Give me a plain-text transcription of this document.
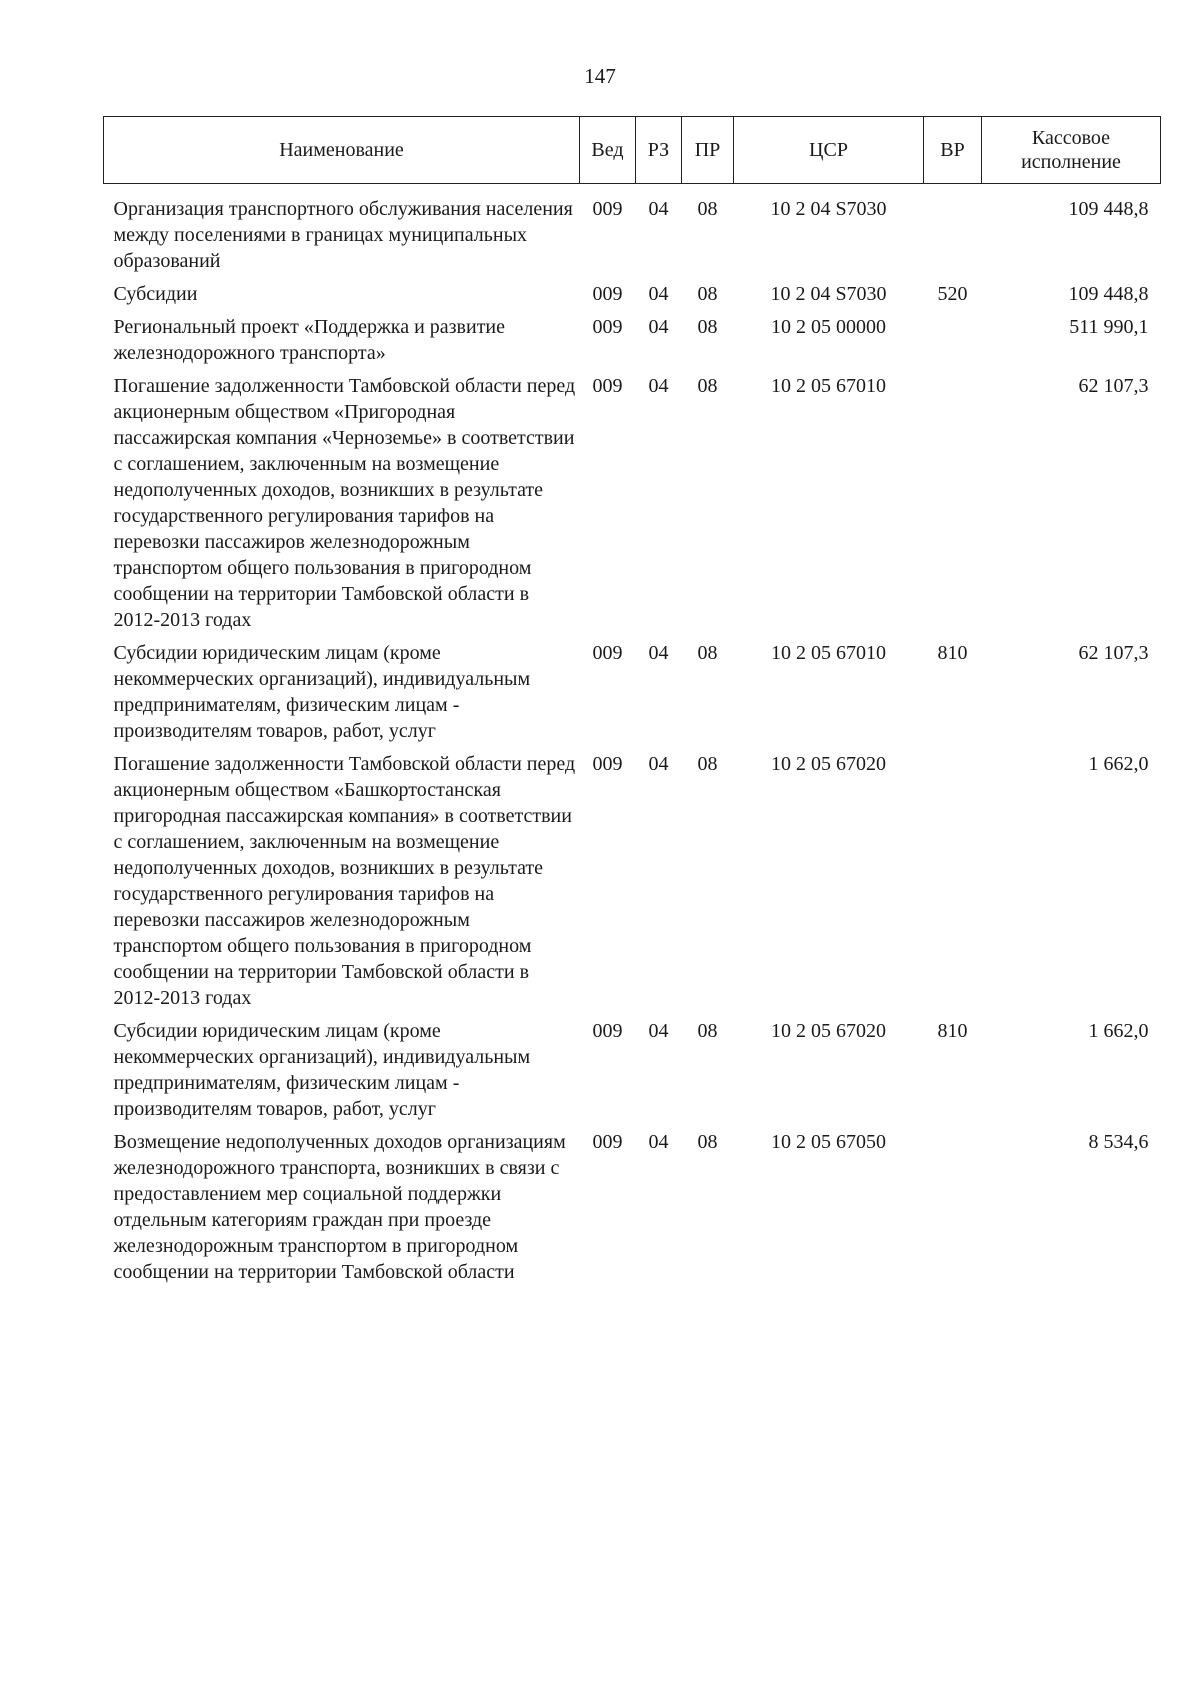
147
Наименование	Вед	РЗ	ПР	ЦСР	ВР	Кассовое исполнение
Организация транспортного обслуживания населения между поселениями в границах муниципальных образований	009	04	08	10 2 04 S7030		109 448,8
Субсидии	009	04	08	10 2 04 S7030	520	109 448,8
Региональный проект «Поддержка и развитие железнодорожного транспорта»	009	04	08	10 2 05 00000		511 990,1
Погашение задолженности Тамбовской области перед акционерным обществом «Пригородная пассажирская компания «Черноземье» в соответствии с соглашением, заключенным на возмещение недополученных доходов, возникших в результате государственного регулирования тарифов на перевозки пассажиров железнодорожным транспортом общего пользования в пригородном сообщении на территории Тамбовской области в 2012-2013 годах	009	04	08	10 2 05 67010		62 107,3
Субсидии юридическим лицам (кроме некоммерческих организаций), индивидуальным предпринимателям, физическим лицам - производителям товаров, работ, услуг	009	04	08	10 2 05 67010	810	62 107,3
Погашение задолженности Тамбовской области перед акционерным обществом «Башкортостанская пригородная пассажирская компания» в соответствии с соглашением, заключенным на возмещение недополученных доходов, возникших в результате государственного регулирования тарифов на перевозки пассажиров железнодорожным транспортом общего пользования в пригородном сообщении на территории Тамбовской области в 2012-2013 годах	009	04	08	10 2 05 67020		1 662,0
Субсидии юридическим лицам (кроме некоммерческих организаций), индивидуальным предпринимателям, физическим лицам - производителям товаров, работ, услуг	009	04	08	10 2 05 67020	810	1 662,0
Возмещение недополученных доходов организациям железнодорожного транспорта, возникших в связи с предоставлением мер социальной поддержки отдельным категориям граждан при проезде железнодорожным транспортом в пригородном сообщении на территории Тамбовской области	009	04	08	10 2 05 67050		8 534,6
